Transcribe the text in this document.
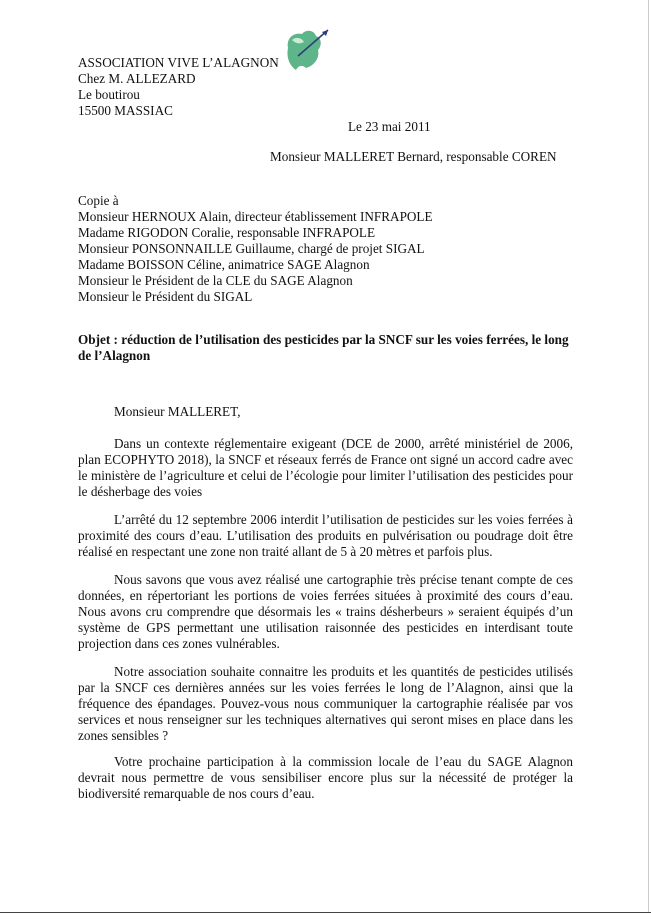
ASSOCIATION VIVE L’ALAGNON
Chez M. ALLEZARD
Le boutirou
15500 MASSIAC
Le 23 mai 2011
Monsieur MALLERET Bernard, responsable COREN
Copie à
Monsieur HERNOUX Alain, directeur établissement INFRAPOLE
Madame RIGODON Coralie, responsable INFRAPOLE
Monsieur PONSONNAILLE Guillaume, chargé de projet SIGAL
Madame BOISSON Céline, animatrice SAGE Alagnon
Monsieur le Président de la CLE du SAGE Alagnon
Monsieur le Président du SIGAL
Objet : réduction de l’utilisation des pesticides par la SNCF sur les voies ferrées, le long
de l’Alagnon
Monsieur MALLERET,
Dans un contexte réglementaire exigeant (DCE de 2000, arrêté ministériel de 2006, plan ECOPHYTO 2018), la SNCF et réseaux ferrés de France ont signé un accord cadre avec le ministère de l’agriculture et celui de l’écologie pour limiter l’utilisation des pesticides pour le désherbage des voies
L’arrêté du 12 septembre 2006 interdit l’utilisation de pesticides sur les voies ferrées à proximité des cours d’eau. L’utilisation des produits en pulvérisation ou poudrage doit être réalisé en respectant une zone non traité allant de 5 à 20 mètres et parfois plus.
Nous savons que vous avez réalisé une cartographie très précise tenant compte de ces données, en répertoriant les portions de voies ferrées situées à proximité des cours d’eau. Nous avons cru comprendre que désormais les « trains désherbeurs » seraient équipés d’un système de GPS permettant une utilisation raisonnée des pesticides en interdisant toute projection dans ces zones vulnérables.
Notre association souhaite connaitre les produits et les quantités de pesticides utilisés par la SNCF ces dernières années sur les voies ferrées le long de l’Alagnon, ainsi que la fréquence des épandages. Pouvez-vous nous communiquer la cartographie réalisée par vos services et nous renseigner sur les techniques alternatives qui seront mises en place dans les zones sensibles ?
Votre prochaine participation à la commission locale de l’eau du SAGE Alagnon devrait nous permettre de vous sensibiliser encore plus sur la nécessité de protéger la biodiversité remarquable de nos cours d’eau.
